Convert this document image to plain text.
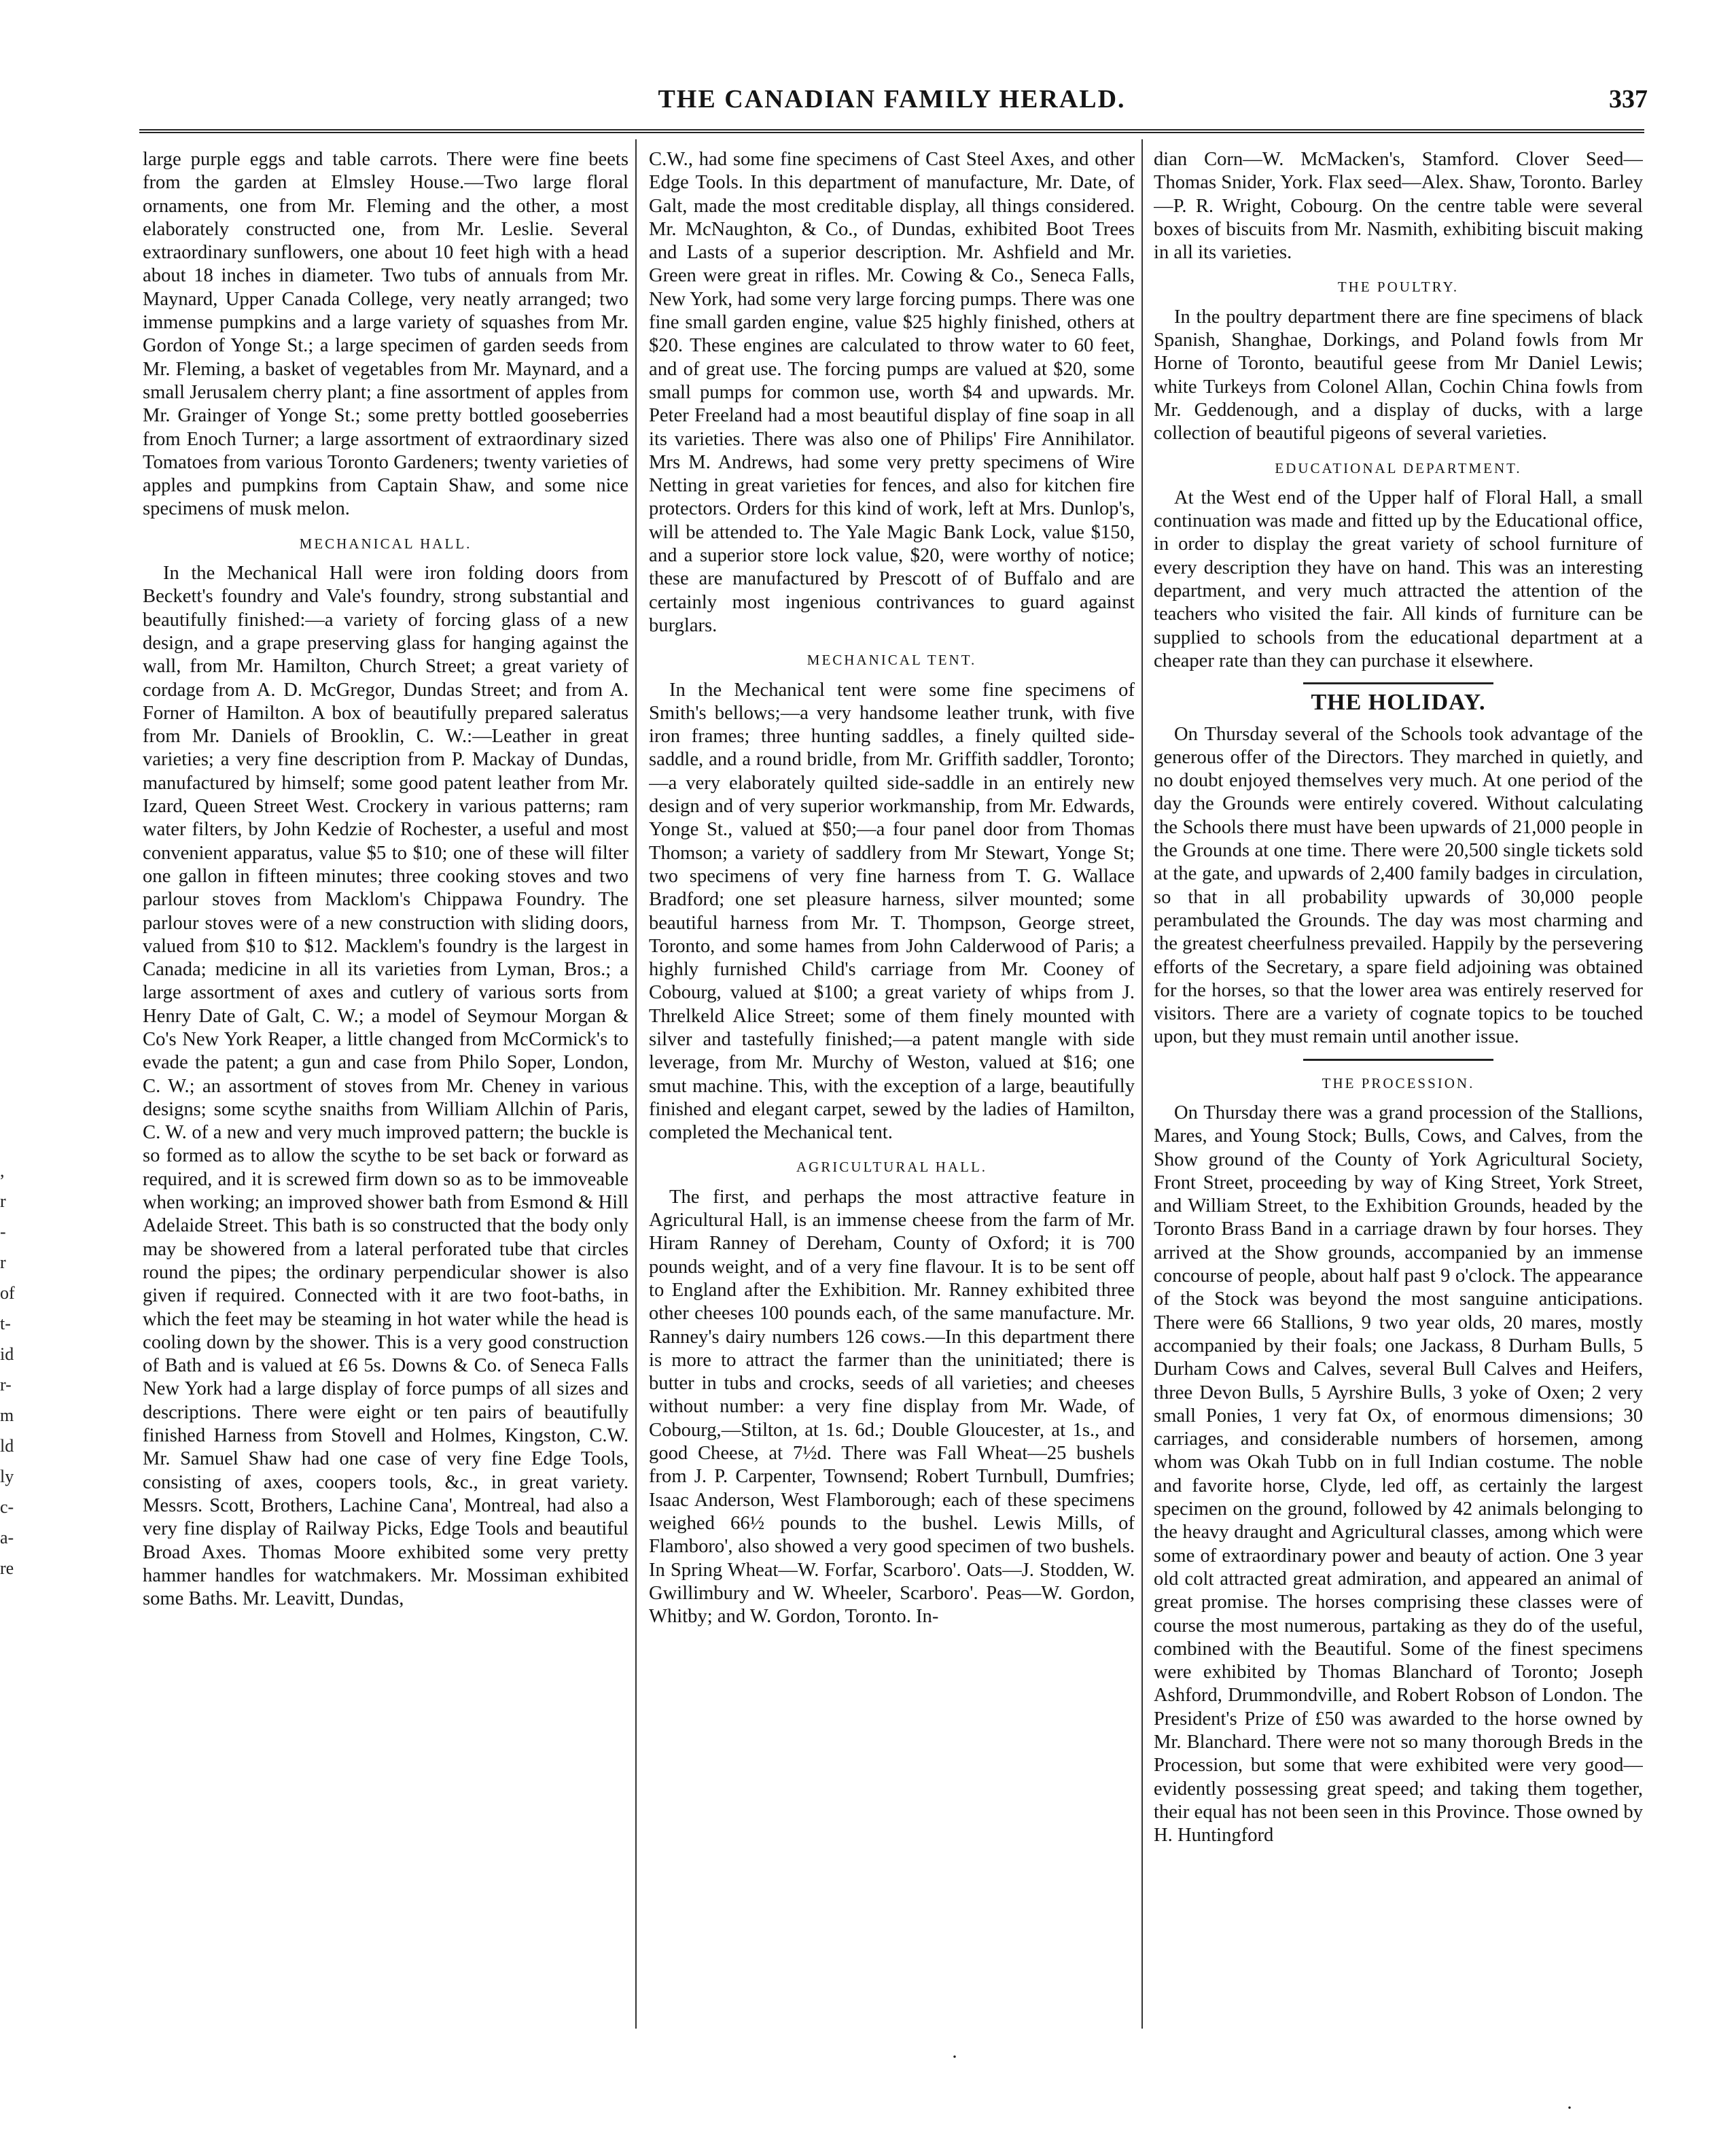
THE CANADIAN FAMILY HERALD.	337
,
r
-
r
of
t-
id
r-
m
ld
ly
c-
a-
re

large purple eggs and table carrots. There were fine beets from the garden at Elmsley House.—Two large floral ornaments, one from Mr. Fleming and the other, a most elaborately constructed one, from Mr. Leslie. Several extraordinary sunflowers, one about 10 feet high with a head about 18 inches in diameter. Two tubs of annuals from Mr. Maynard, Upper Canada College, very neatly arranged; two immense pumpkins and a large variety of squashes from Mr. Gordon of Yonge St.; a large specimen of garden seeds from Mr. Fleming, a basket of vegetables from Mr. Maynard, and a small Jerusalem cherry plant; a fine assortment of apples from Mr. Grainger of Yonge St.; some pretty bottled gooseberries from Enoch Turner; a large assortment of extraordinary sized Tomatoes from various Toronto Gardeners; twenty varieties of apples and pumpkins from Captain Shaw, and some nice specimens of musk melon.

MECHANICAL HALL.

In the Mechanical Hall were iron folding doors from Beckett's foundry and Vale's foundry, strong substantial and beautifully finished:—a variety of forcing glass of a new design, and a grape preserving glass for hanging against the wall, from Mr. Hamilton, Church Street; a great variety of cordage from A. D. McGregor, Dundas Street; and from A. Forner of Hamilton. A box of beautifully prepared saleratus from Mr. Daniels of Brooklin, C. W.:—Leather in great varieties; a very fine description from P. Mackay of Dundas, manufactured by himself; some good patent leather from Mr. Izard, Queen Street West. Crockery in various patterns; ram water filters, by John Kedzie of Rochester, a useful and most convenient apparatus, value $5 to $10; one of these will filter one gallon in fifteen minutes; three cooking stoves and two parlour stoves from Macklom's Chippawa Foundry. The parlour stoves were of a new construction with sliding doors, valued from $10 to $12. Macklem's foundry is the largest in Canada; medicine in all its varieties from Lyman, Bros.; a large assortment of axes and cutlery of various sorts from Henry Date of Galt, C. W.; a model of Seymour Morgan & Co's New York Reaper, a little changed from McCormick's to evade the patent; a gun and case from Philo Soper, London, C. W.; an assortment of stoves from Mr. Cheney in various designs; some scythe snaiths from William Allchin of Paris, C. W. of a new and very much improved pattern; the buckle is so formed as to allow the scythe to be set back or forward as required, and it is screwed firm down so as to be immoveable when working; an improved shower bath from Esmond & Hill Adelaide Street. This bath is so constructed that the body only may be showered from a lateral perforated tube that circles round the pipes; the ordinary perpendicular shower is also given if required. Connected with it are two foot-baths, in which the feet may be steaming in hot water while the head is cooling down by the shower. This is a very good construction of Bath and is valued at £6 5s. Downs & Co. of Seneca Falls New York had a large display of force pumps of all sizes and descriptions. There were eight or ten pairs of beautifully finished Harness from Stovell and Holmes, Kingston, C.W. Mr. Samuel Shaw had one case of very fine Edge Tools, consisting of axes, coopers tools, &c., in great variety. Messrs. Scott, Brothers, Lachine Cana', Montreal, had also a very fine display of Railway Picks, Edge Tools and beautiful Broad Axes. Thomas Moore exhibited some very pretty hammer handles for watchmakers. Mr. Mossiman exhibited some Baths. Mr. Leavitt, Dundas,

C.W., had some fine specimens of Cast Steel Axes, and other Edge Tools. In this department of manufacture, Mr. Date, of Galt, made the most creditable display, all things considered. Mr. McNaughton, & Co., of Dundas, exhibited Boot Trees and Lasts of a superior description. Mr. Ashfield and Mr. Green were great in rifles. Mr. Cowing & Co., Seneca Falls, New York, had some very large forcing pumps. There was one fine small garden engine, value $25 highly finished, others at $20. These engines are calculated to throw water to 60 feet, and of great use. The forcing pumps are valued at $20, some small pumps for common use, worth $4 and upwards. Mr. Peter Freeland had a most beautiful display of fine soap in all its varieties. There was also one of Philips' Fire Annihilator. Mrs M. Andrews, had some very pretty specimens of Wire Netting in great varieties for fences, and also for kitchen fire protectors. Orders for this kind of work, left at Mrs. Dunlop's, will be attended to. The Yale Magic Bank Lock, value $150, and a superior store lock value, $20, were worthy of notice; these are manufactured by Prescott of of Buffalo and are certainly most ingenious contrivances to guard against burglars.

MECHANICAL TENT.

In the Mechanical tent were some fine specimens of Smith's bellows;—a very handsome leather trunk, with five iron frames; three hunting saddles, a finely quilted side-saddle, and a round bridle, from Mr. Griffith saddler, Toronto;—a very elaborately quilted side-saddle in an entirely new design and of very superior workmanship, from Mr. Edwards, Yonge St., valued at $50;—a four panel door from Thomas Thomson; a variety of saddlery from Mr Stewart, Yonge St; two specimens of very fine harness from T. G. Wallace Bradford; one set pleasure harness, silver mounted; some beautiful harness from Mr. T. Thompson, George street, Toronto, and some hames from John Calderwood of Paris; a highly furnished Child's carriage from Mr. Cooney of Cobourg, valued at $100; a great variety of whips from J. Threlkeld Alice Street; some of them finely mounted with silver and tastefully finished;—a patent mangle with side leverage, from Mr. Murchy of Weston, valued at $16; one smut machine. This, with the exception of a large, beautifully finished and elegant carpet, sewed by the ladies of Hamilton, completed the Mechanical tent.

AGRICULTURAL HALL.

The first, and perhaps the most attractive feature in Agricultural Hall, is an immense cheese from the farm of Mr. Hiram Ranney of Dereham, County of Oxford; it is 700 pounds weight, and of a very fine flavour. It is to be sent off to England after the Exhibition. Mr. Ranney exhibited three other cheeses 100 pounds each, of the same manufacture. Mr. Ranney's dairy numbers 126 cows.—In this department there is more to attract the farmer than the uninitiated; there is butter in tubs and crocks, seeds of all varieties; and cheeses without number: a very fine display from Mr. Wade, of Cobourg,—Stilton, at 1s. 6d.; Double Gloucester, at 1s., and good Cheese, at 7½d. There was Fall Wheat—25 bushels from J. P. Carpenter, Townsend; Robert Turnbull, Dumfries; Isaac Anderson, West Flamborough; each of these specimens weighed 66½ pounds to the bushel. Lewis Mills, of Flamboro', also showed a very good specimen of two bushels. In Spring Wheat—W. Forfar, Scarboro'. Oats—J. Stodden, W. Gwillimbury and W. Wheeler, Scarboro'. Peas—W. Gordon, Whitby; and W. Gordon, Toronto. In-

dian Corn—W. McMacken's, Stamford. Clover Seed—Thomas Snider, York. Flax seed—Alex. Shaw, Toronto. Barley—P. R. Wright, Cobourg. On the centre table were several boxes of biscuits from Mr. Nasmith, exhibiting biscuit making in all its varieties.

THE POULTRY.

In the poultry department there are fine specimens of black Spanish, Shanghae, Dorkings, and Poland fowls from Mr Horne of Toronto, beautiful geese from Mr Daniel Lewis; white Turkeys from Colonel Allan, Cochin China fowls from Mr. Geddenough, and a display of ducks, with a large collection of beautiful pigeons of several varieties.

EDUCATIONAL DEPARTMENT.

At the West end of the Upper half of Floral Hall, a small continuation was made and fitted up by the Educational office, in order to display the great variety of school furniture of every description they have on hand. This was an interesting department, and very much attracted the attention of the teachers who visited the fair. All kinds of furniture can be supplied to schools from the educational department at a cheaper rate than they can purchase it elsewhere.

THE HOLIDAY.

On Thursday several of the Schools took advantage of the generous offer of the Directors. They marched in quietly, and no doubt enjoyed themselves very much. At one period of the day the Grounds were entirely covered. Without calculating the Schools there must have been upwards of 21,000 people in the Grounds at one time. There were 20,500 single tickets sold at the gate, and upwards of 2,400 family badges in circulation, so that in all probability upwards of 30,000 people perambulated the Grounds. The day was most charming and the greatest cheerfulness prevailed. Happily by the persevering efforts of the Secretary, a spare field adjoining was obtained for the horses, so that the lower area was entirely reserved for visitors. There are a variety of cognate topics to be touched upon, but they must remain until another issue.

THE PROCESSION.

On Thursday there was a grand procession of the Stallions, Mares, and Young Stock; Bulls, Cows, and Calves, from the Show ground of the County of York Agricultural Society, Front Street, proceeding by way of King Street, York Street, and William Street, to the Exhibition Grounds, headed by the Toronto Brass Band in a carriage drawn by four horses. They arrived at the Show grounds, accompanied by an immense concourse of people, about half past 9 o'clock. The appearance of the Stock was beyond the most sanguine anticipations. There were 66 Stallions, 9 two year olds, 20 mares, mostly accompanied by their foals; one Jackass, 8 Durham Bulls, 5 Durham Cows and Calves, several Bull Calves and Heifers, three Devon Bulls, 5 Ayrshire Bulls, 3 yoke of Oxen; 2 very small Ponies, 1 very fat Ox, of enormous dimensions; 30 carriages, and considerable numbers of horsemen, among whom was Okah Tubb on in full Indian costume. The noble and favorite horse, Clyde, led off, as certainly the largest specimen on the ground, followed by 42 animals belonging to the heavy draught and Agricultural classes, among which were some of extraordinary power and beauty of action. One 3 year old colt attracted great admiration, and appeared an animal of great promise. The horses comprising these classes were of course the most numerous, partaking as they do of the useful, combined with the Beautiful. Some of the finest specimens were exhibited by Thomas Blanchard of Toronto; Joseph Ashford, Drummondville, and Robert Robson of London. The President's Prize of £50 was awarded to the horse owned by Mr. Blanchard. There were not so many thorough Breds in the Procession, but some that were exhibited were very good—evidently possessing great speed; and taking them together, their equal has not been seen in this Province. Those owned by H. Huntingford

·
·
